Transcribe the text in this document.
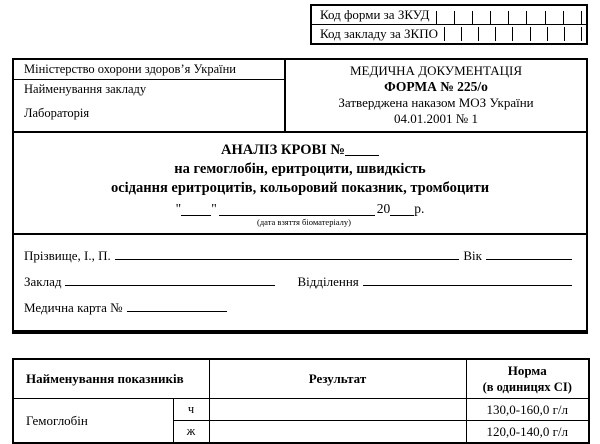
Код форми за ЗКУД
Код закладу за ЗКПО
Міністерство охорони здоров’я України
Найменування закладу
Лабораторія
МЕДИЧНА ДОКУМЕНТАЦІЯ
ФОРМА № 225/о
Затверджена наказом МОЗ України
04.01.2001 № 1
АНАЛІЗ КРОВІ №
на гемоглобін, еритроцити, швидкість
осідання еритроцитів, кольоровий показник, тромбоцити
" "	20 р.
(дата взяття біоматеріалу)
Прізвище, І., П.	Вік
Заклад	Відділення
Медична карта №
Найменування показників		Результат	Норма
(в одиницях СІ)

Гемоглобін	ч		130,0-160,0 г/л
	ж		120,0-140,0 г/л
